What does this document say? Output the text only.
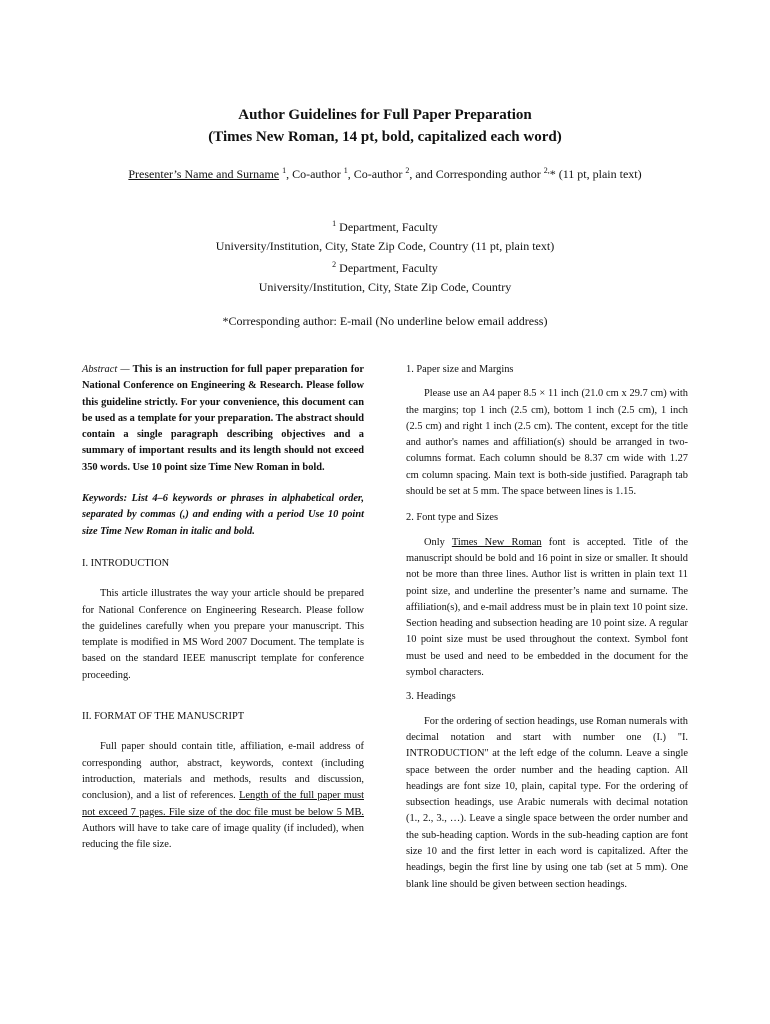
Author Guidelines for Full Paper Preparation
(Times New Roman, 14 pt, bold, capitalized each word)
Presenter’s Name and Surname $^1$, Co-author $^1$, Co-author $^2$, and Corresponding author $^{2,}$* (11 pt, plain text)
$^1$ Department, Faculty
University/Institution, City, State Zip Code, Country (11 pt, plain text)
$^2$ Department, Faculty
University/Institution, City, State Zip Code, Country
*Corresponding author: E-mail (No underline below email address)

Abstract — This is an instruction for full paper preparation for National Conference on Engineering & Research. Please follow this guideline strictly. For your convenience, this document can be used as a template for your preparation. The abstract should contain a single paragraph describing objectives and a summary of important results and its length should not exceed 350 words. Use 10 point size Time New Roman in bold.

Keywords: List 4–6 keywords or phrases in alphabetical order, separated by commas (,) and ending with a period Use 10 point size Time New Roman in italic and bold.

I. INTRODUCTION

This article illustrates the way your article should be prepared for National Conference on Engineering Research. Please follow the guidelines carefully when you prepare your manuscript. This template is modified in MS Word 2007 Document. The template is based on the standard IEEE manuscript template for conference proceeding.

II. FORMAT OF THE MANUSCRIPT

Full paper should contain title, affiliation, e-mail address of corresponding author, abstract, keywords, context (including introduction, materials and methods, results and discussion, conclusion), and a list of references. Length of the full paper must not exceed 7 pages. File size of the doc file must be below 5 MB. Authors will have to take care of image quality (if included), when reducing the file size.

1. Paper size and Margins

Please use an A4 paper 8.5 × 11 inch (21.0 cm x 29.7 cm) with the margins; top 1 inch (2.5 cm), bottom 1 inch (2.5 cm), 1 inch (2.5 cm) and right 1 inch (2.5 cm). The content, except for the title and author's names and affiliation(s) should be arranged in two-columns format. Each column should be 8.37 cm wide with 1.27 cm column spacing. Main text is both-side justified. Paragraph tab should be set at 5 mm. The space between lines is 1.15.

2. Font type and Sizes

Only Times New Roman font is accepted. Title of the manuscript should be bold and 16 point in size or smaller. It should not be more than three lines. Author list is written in plain text 11 point size, and underline the presenter’s name and surname. The affiliation(s), and e-mail address must be in plain text 10 point size. Section heading and subsection heading are 10 point size. A regular 10 point size must be used throughout the context. Symbol font must be used and need to be embedded in the document for the symbol characters.

3. Headings

For the ordering of section headings, use Roman numerals with decimal notation and start with number one (I.) "I. INTRODUCTION" at the left edge of the column. Leave a single space between the order number and the heading caption. All headings are font size 10, plain, capital type. For the ordering of subsection headings, use Arabic numerals with decimal notation (1., 2., 3., …). Leave a single space between the order number and the sub-heading caption. Words in the sub-heading caption are font size 10 and the first letter in each word is capitalized. After the headings, begin the first line by using one tab (set at 5 mm). One blank line should be given between section headings.
